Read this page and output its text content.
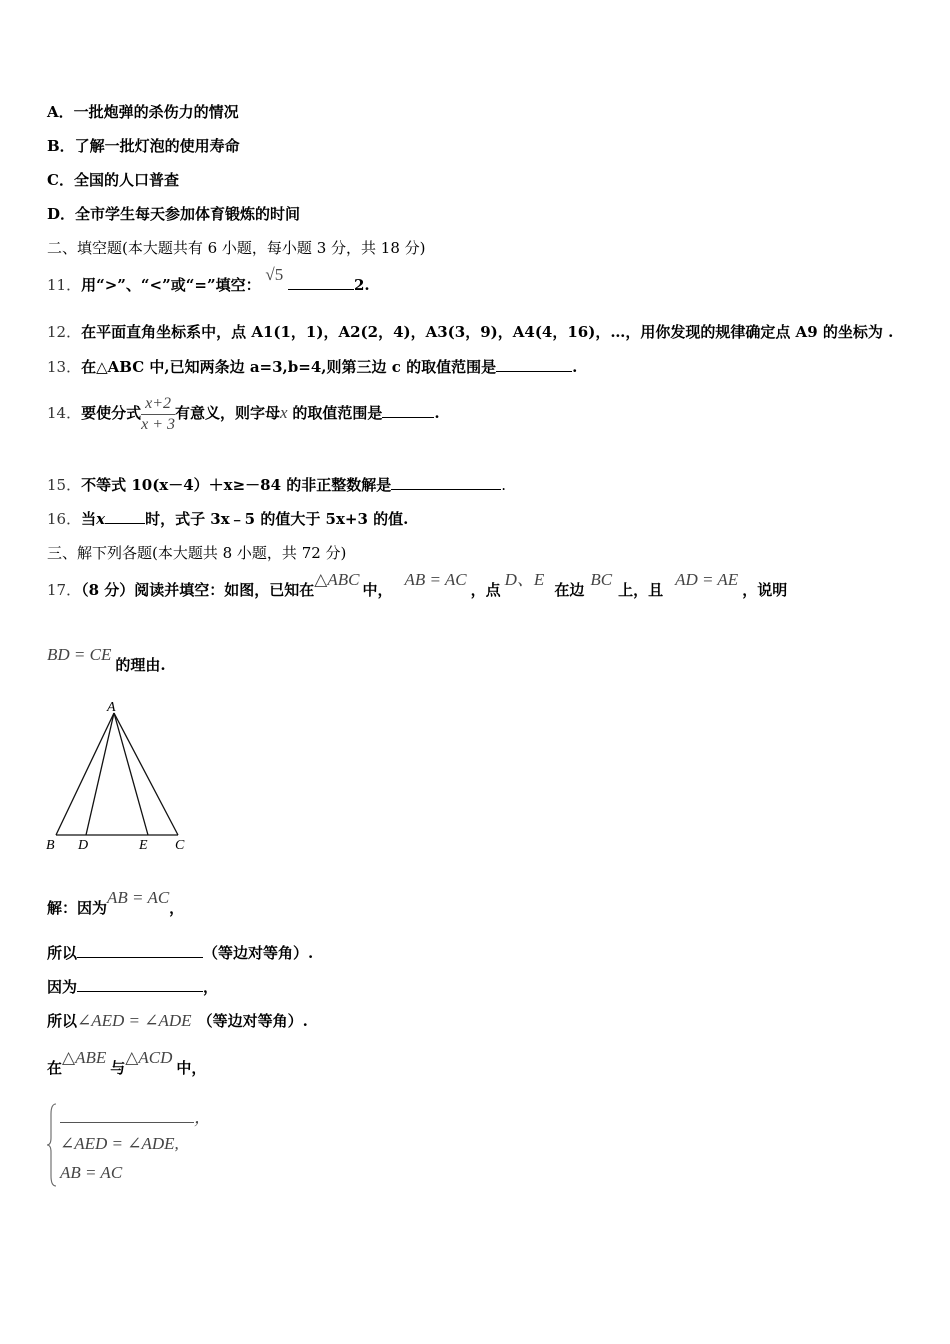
A．一批炮弹的杀伤力的情况
B．了解一批灯泡的使用寿命
C．全国的人口普查
D．全市学生每天参加体育锻炼的时间
二、填空题(本大题共有 6 小题，每小题 3 分，共 18 分)
11．用“>”、“<”或“=”填空： √5 2.
12．在平面直角坐标系中，点 A1(1，1)，A2(2，4)，A3(3，9)，A4(4，16)，…，用你发现的规律确定点 A9 的坐标为 .
13．在△ABC 中,已知两条边 a=3,b=4,则第三边 c 的取值范围是	.
14．要使分式 $\frac{x+2}{x + 3}$ 有意义，则字母x 的取值范围是	.
15．不等式 10(x－4）＋x≥－84 的非正整数解是	.
16．当x	时，式子 3x﹣5 的值大于 5x+3 的值.
三、解下列各题(本大题共 8 小题，共 72 分)
17．（8 分）阅读并填空：如图，已知在△ABC中，AB = AC，点D、E在边BC上，且AD = AE，说明
BD = CE的理由.
A
B D	E C
解：因为AB = AC，
所以	（等边对等角）.
因为	，
所以∠AED = ∠ADE （等边对等角）.
在△ABE与△ACD中，
，
∠AED = ∠ADE,
AB = AC
